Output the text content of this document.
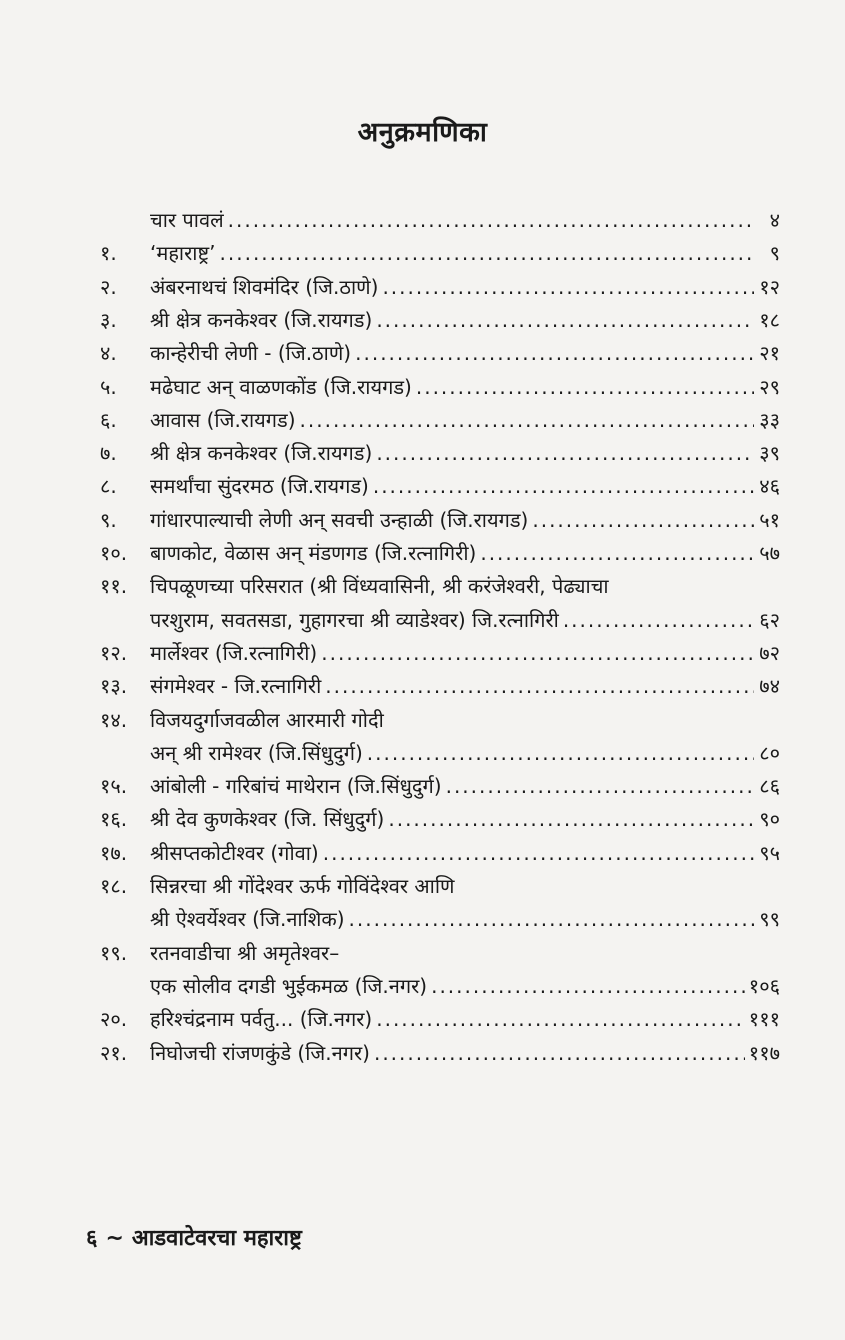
अनुक्रमणिका
चार पावलं .....	४
१.	‘महाराष्ट्र’ .....	९
२.	अंबरनाथचं शिवमंदिर (जि.ठाणे) .....	१२
३.	श्री क्षेत्र कनकेश्वर (जि.रायगड) .....	१८
४.	कान्हेरीची लेणी - (जि.ठाणे) .....	२१
५.	मढेघाट अन् वाळणकोंड (जि.रायगड) .....	२९
६.	आवास (जि.रायगड) .....	३३
७.	श्री क्षेत्र कनकेश्वर (जि.रायगड) .....	३९
८.	समर्थांचा सुंदरमठ (जि.रायगड) .....	४६
९.	गांधारपाल्याची लेणी अन् सवची उन्हाळी (जि.रायगड) .....	५१
१०.	बाणकोट, वेळास अन् मंडणगड (जि.रत्नागिरी) .....	५७
११.	चिपळूणच्या परिसरात (श्री विंध्यवासिनी, श्री करंजेश्वरी, पेढ्याचा
परशुराम, सवतसडा, गुहागरचा श्री व्याडेश्वर) जि.रत्नागिरी .....	६२
१२.	मार्लेश्वर (जि.रत्नागिरी) .....	७२
१३.	संगमेश्वर - जि.रत्नागिरी .....	७४
१४.	विजयदुर्गाजवळील आरमारी गोदी
अन् श्री रामेश्वर (जि.सिंधुदुर्ग) .....	८०
१५.	आंबोली - गरिबांचं माथेरान (जि.सिंधुदुर्ग) .....	८६
१६.	श्री देव कुणकेश्वर (जि. सिंधुदुर्ग) .....	९०
१७.	श्रीसप्तकोटीश्वर (गोवा) .....	९५
१८.	सिन्नरचा श्री गोंदेश्वर ऊर्फ गोविंदेश्वर आणि
श्री ऐश्वर्येश्वर (जि.नाशिक) .....	९९
१९.	रतनवाडीचा श्री अमृतेश्वर–
एक सोलीव दगडी भुईकमळ (जि.नगर) .....	१०६
२०.	हरिश्चंद्रनाम पर्वतु... (जि.नगर) .....	१११
२१.	निघोजची रांजणकुंडे (जि.नगर) .....	११७
६ ~ आडवाटेवरचा महाराष्ट्र
